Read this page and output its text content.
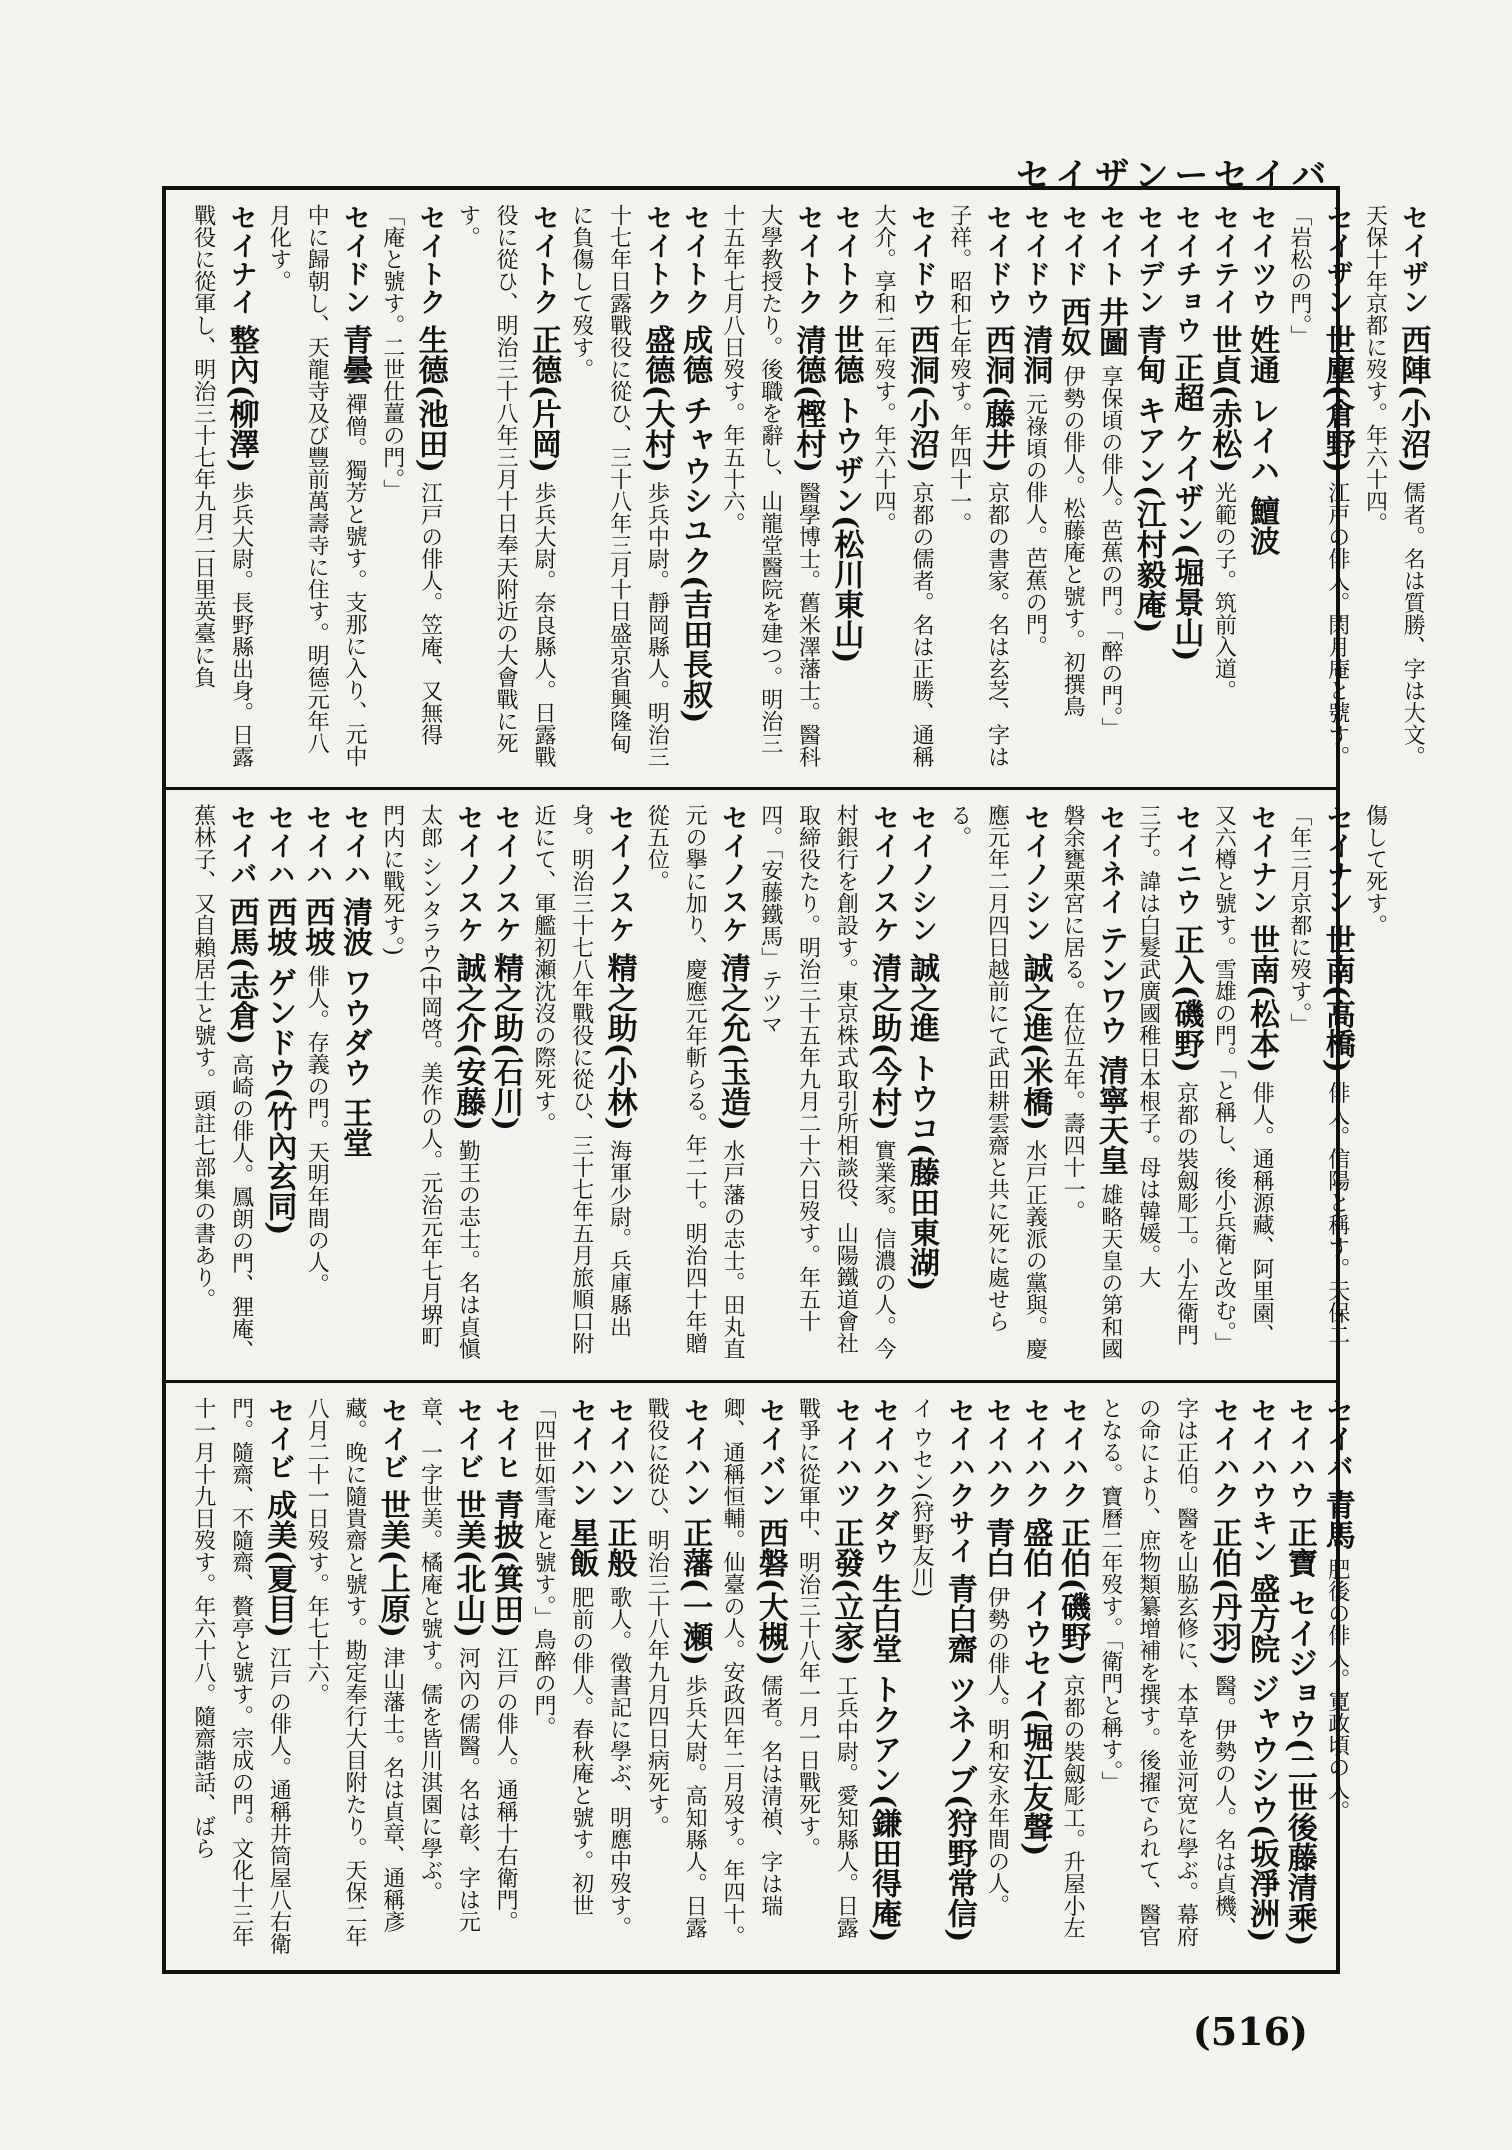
セイザンーセイバ
セイザン 西陣(小沼) 儒者。名は質勝、字は大文。天保十年京都に歿す。年六十四。
セイザン 世塵(倉野) 江戸の俳人。閑月庵と號す。「岩松の門。」
セイツウ 姓通 レイハ 鱣波
セイテイ 世貞(赤松) 光範の子。筑前入道。
セイチョウ 正超 ケイザン(堀景山)
セイデン 青甸 キアン(江村毅庵)
セイト 井圖 享保頃の俳人。芭蕉の門。「醉の門。」
セイド 西奴 伊勢の俳人。松藤庵と號す。初撰鳥
セイドウ 清洞 元祿頃の俳人。芭蕉の門。
セイドウ 西洞(藤井) 京都の書家。名は玄芝、字は子祥。昭和七年歿す。年四十一。
セイドウ 西洞(小沼) 京都の儒者。名は正勝、通稱大介。享和二年歿す。年六十四。
セイトク 世德 トウザン(松川東山)
セイトク 清德(樫村) 醫學博士。舊米澤藩士。醫科大學教授たり。後職を辭し、山龍堂醫院を建つ。明治三十五年七月八日歿す。年五十六。
セイトク 成德 チャウシユク(吉田長叔)
セイトク 盛德(大村) 歩兵中尉。靜岡縣人。明治三十七年日露戰役に從ひ、三十八年三月十日盛京省興隆甸に負傷して歿す。
セイトク 正德(片岡) 歩兵大尉。奈良縣人。日露戰役に從ひ、明治三十八年三月十日奉天附近の大會戰に死す。
セイトク 生德(池田) 江戸の俳人。笠庵、又無得「庵と號す。二世仕薑の門。」
セイドン 青曇 禪僧。獨芳と號す。支那に入り、元中中に歸朝し、天龍寺及び豐前萬壽寺に住す。明德元年八月化す。
セイナイ 整內(柳澤) 歩兵大尉。長野縣出身。日露戰役に從軍し、明治三十七年九月二日里英臺に負
傷して死す。
セイナン 世南(高橋) 俳人。信陽と稱す。天保二「年三月京都に歿す。」
セイナン 世南(松本) 俳人。通稱源藏、阿里園、又六樽と號す。雪雄の門。「と稱し、後小兵衛と改む。」
セイニウ 正入(磯野) 京都の裝劔彫工。小左衛門三子。諱は白髮武廣國稚日本根子。母は韓媛。大
セイネイ テンワウ 清寧天皇 雄略天皇の第和國磐余甕栗宮に居る。在位五年。壽四十一。
セイノシン 誠之進(米橋) 水戸正義派の黨與。慶應元年二月四日越前にて武田耕雲齋と共に死に處せらる。
セイノシン 誠之進 トウコ(藤田東湖)
セイノスケ 清之助(今村) 實業家。信濃の人。今村銀行を創設す。東京株式取引所相談役、山陽鐵道會社取締役たり。明治三十五年九月二十六日歿す。年五十四。「安藤鐵馬」テツマ
セイノスケ 清之允(玉造) 水戸藩の志士。田丸直元の擧に加り、慶應元年斬らる。年二十。明治四十年贈從五位。
セイノスケ 精之助(小林) 海軍少尉。兵庫縣出身。明治三十七八年戰役に從ひ、三十七年五月旅順口附近にて、軍艦初瀬沈沒の際死す。
セイノスケ 精之助(石川)
セイノスケ 誠之介(安藤) 勤王の志士。名は貞愼太郎 シンタラウ(中岡啓。美作の人。元治元年七月堺町門内に戰死す。)
セイハ 清波 ワウダウ 王堂
セイハ 西坡 俳人。存義の門。天明年間の人。
セイハ 西坡 ゲンドウ(竹內玄同)
セイバ 西馬(志倉) 高崎の俳人。鳳朗の門、狸庵、蕉林子、又自賴居士と號す。頭註七部集の書あり。
セイバ 青馬 肥後の俳人。寛政頃の人。
セイハウ 正寶 セイジョウ(二世後藤清乘)
セイハウキン 盛方院 ジャウシウ(坂淨洲)
セイハク 正伯(丹羽) 醫。伊勢の人。名は貞機、字は正伯。醫を山脇玄修に、本草を並河宽に學ぶ。幕府の命により、庶物類纂增補を撰す。後擢でられて、醫官となる。寶曆二年歿す。「衛門と稱す。」
セイハク 正伯(磯野) 京都の裝劔彫工。升屋小左
セイハク 盛伯 イウセイ(堀江友聲)
セイハク 青白 伊勢の俳人。明和安永年間の人。
セイハクサイ 青白齋 ツネノブ(狩野常信) イ ウセン(狩野友川)
セイハクダウ 生白堂 トクアン(鎌田得庵)
セイハツ 正發(立家) 工兵中尉。愛知縣人。日露戰爭に從軍中、明治三十八年一月一日戰死す。
セイバン 西磐(大槻) 儒者。名は清禎、字は瑞卿、通稱恒輔。仙臺の人。安政四年二月歿す。年四十。
セイハン 正藩(一瀬) 歩兵大尉。高知縣人。日露戰役に從ひ、明治三十八年九月四日病死す。
セイハン 正般 歌人。徵書記に學ぶ、明應中歿す。
セイハン 星飯 肥前の俳人。春秋庵と號す。初世「四世如雪庵と號す。」鳥醉の門。
セイヒ 青披(箕田) 江戸の俳人。通稱十右衛門。
セイビ 世美(北山) 河內の儒醫。名は彰、字は元章、一字世美。橘庵と號す。儒を皆川淇園に學ぶ。
セイビ 世美(上原) 津山藩士。名は貞章、通稱彥藏。晚に隨貴齋と號す。勘定奉行大目附たり。天保二年八月二十一日歿す。年七十六。
セイビ 成美(夏目) 江戸の俳人。通稱井筒屋八右衛門。隨齋、不隨齋、贅亭と號す。宗成の門。文化十三年十一月十九日歿す。年六十八。隨齋諧話、ばら
(516)
